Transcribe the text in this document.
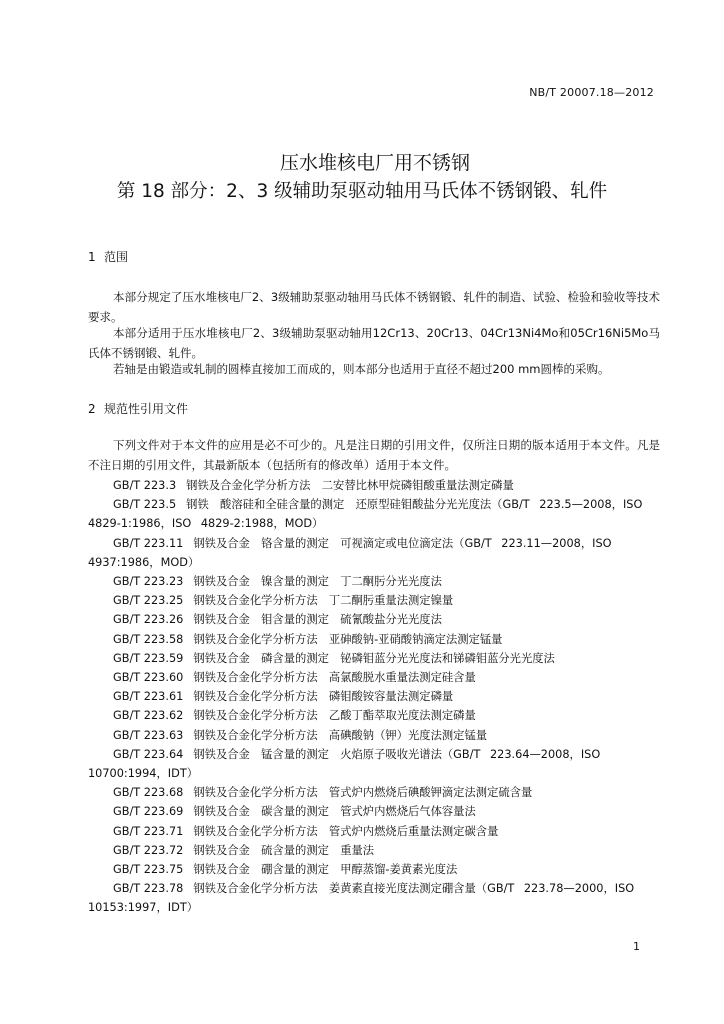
NB/T 20007.18—2012
压水堆核电厂用不锈钢
第 18 部分：2、3 级辅助泵驱动轴用马氏体不锈钢锻、轧件
1 范围

本部分规定了压水堆核电厂2、3级辅助泵驱动轴用马氏体不锈钢锻、轧件的制造、试验、检验和验收等技术要求。

本部分适用于压水堆核电厂2、3级辅助泵驱动轴用12Cr13、20Cr13、04Cr13Ni4Mo和05Cr16Ni5Mo马氏体不锈钢锻、轧件。

若轴是由锻造或轧制的圆棒直接加工而成的，则本部分也适用于直径不超过200 mm圆棒的采购。

2 规范性引用文件

下列文件对于本文件的应用是必不可少的。凡是注日期的引用文件，仅所注日期的版本适用于本文件。凡是不注日期的引用文件，其最新版本（包括所有的修改单）适用于本文件。

GB/T 223.3 钢铁及合金化学分析方法　二安替比林甲烷磷钼酸重量法测定磷量
GB/T 223.5 钢铁　酸溶硅和全硅含量的测定　还原型硅钼酸盐分光光度法（GB/T 223.5—2008，ISO 4829-1:1986，ISO 4829-2:1988，MOD）
GB/T 223.11 钢铁及合金　铬含量的测定　可视滴定或电位滴定法（GB/T 223.11—2008，ISO 4937:1986，MOD）
GB/T 223.23 钢铁及合金　镍含量的测定　丁二酮肟分光光度法
GB/T 223.25 钢铁及合金化学分析方法　丁二酮肟重量法测定镍量
GB/T 223.26 钢铁及合金　钼含量的测定　硫氰酸盐分光光度法
GB/T 223.58 钢铁及合金化学分析方法　亚砷酸钠-亚硝酸钠滴定法测定锰量
GB/T 223.59 钢铁及合金　磷含量的测定　铋磷钼蓝分光光度法和锑磷钼蓝分光光度法
GB/T 223.60 钢铁及合金化学分析方法　高氯酸脱水重量法测定硅含量
GB/T 223.61 钢铁及合金化学分析方法　磷钼酸铵容量法测定磷量
GB/T 223.62 钢铁及合金化学分析方法　乙酸丁酯萃取光度法测定磷量
GB/T 223.63 钢铁及合金化学分析方法　高碘酸钠（钾）光度法测定锰量
GB/T 223.64 钢铁及合金　锰含量的测定　火焰原子吸收光谱法（GB/T 223.64—2008，ISO 10700:1994，IDT）
GB/T 223.68 钢铁及合金化学分析方法　管式炉内燃烧后碘酸钾滴定法测定硫含量
GB/T 223.69 钢铁及合金　碳含量的测定　管式炉内燃烧后气体容量法
GB/T 223.71 钢铁及合金化学分析方法　管式炉内燃烧后重量法测定碳含量
GB/T 223.72 钢铁及合金　硫含量的测定　重量法
GB/T 223.75 钢铁及合金　硼含量的测定　甲醇蒸馏-姜黄素光度法
GB/T 223.78 钢铁及合金化学分析方法　姜黄素直接光度法测定硼含量（GB/T 223.78—2000，ISO 10153:1997，IDT）
1
